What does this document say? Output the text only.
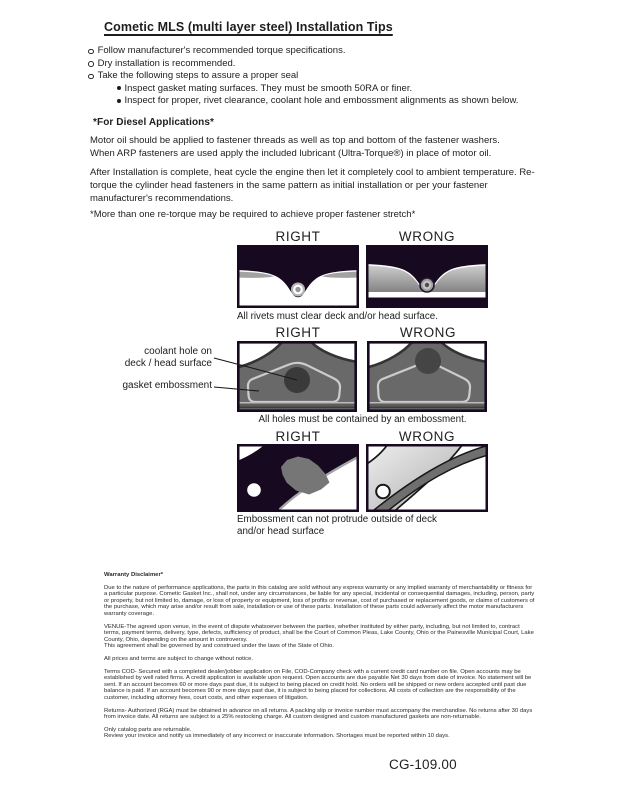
Cometic MLS (multi layer steel) Installation Tips
Follow manufacturer's recommended torque specifications.
Dry installation is recommended.
Take the following steps to assure a proper seal
Inspect gasket mating surfaces. They must be smooth 50RA or finer.
Inspect for proper, rivet clearance, coolant hole and embossment alignments as shown below.
*For Diesel Applications*
Motor oil should be applied to fastener threads as well as top and bottom of the fastener washers. When ARP fasteners are used apply the included lubricant (Ultra-Torque®) in place of motor oil.
After Installation is complete, heat cycle the engine then let it completely cool to ambient temperature. Re-torque the cylinder head fasteners in the same pattern as initial installation or per your fastener manufacturer's recommendations.
*More than one re-torque may be required to achieve proper fastener stretch*
RIGHT	WRONG
All rivets must clear deck and/or head surface.
RIGHT	WRONG
coolant hole on
deck / head surface
gasket embossment
All holes must be contained by an embossment.
RIGHT	WRONG
Embossment can not protrude outside of deck
and/or head surface
Warranty Disclaimer*
Due to the nature of performance applications, the parts in this catalog are sold without any express warranty or any implied warranty of merchantability or fitness for a particular purpose. Cometic Gasket Inc., shall not, under any circumstances, be liable for any special, incidental or consequential damages, including, person, party or property, but not limited to, damage, or loss of property or equipment, loss of profits or revenue, cost of purchased or replacement goods, or claims of customers of the purchase, which may arise and/or result from sale, installation or use of these parts. Installation of these parts could adversely affect the motor manufacturers warranty coverage.
VENUE-The agreed upon venue, in the event of dispute whatsoever between the parties, whether instituted by either party, including, but not limited to, contract terms, payment terms, delivery, type, defects, sufficiency of product, shall be the Court of Common Pleas, Lake County, Ohio or the Painesville Municipal Court, Lake County, Ohio, depending on the amount in controversy.
This agreement shall be governed by and construed under the laws of the State of Ohio.
All prices and terms are subject to change without notice.
Terms COD- Secured with a completed dealer/jobber application on File, COD-Company check with a current credit card number on file. Open accounts may be established by well rated firms. A credit application is available upon request. Open accounts are due payable Net 30 days from date of invoice. No statement will be sent. If an account becomes 60 or more days past due, it is subject to being placed on credit hold. No orders will be shipped or new orders accepted until past due balance is paid. If an account becomes 90 or more days past due, it is subject to being placed for collections. All costs of collection are the responsibility of the customer, including attorney fees, court costs, and other expenses of litigation.
Returns- Authorized (RGA) must be obtained in advance on all returns. A packing slip or invoice number must accompany the merchandise. No returns after 30 days from invoice date. All returns are subject to a 25% restocking charge. All custom designed and custom manufactured gaskets are non-returnable.
Only catalog parts are returnable.
Review your invoice and notify us immediately of any incorrect or inaccurate information. Shortages must be reported within 10 days.
CG-109.00
